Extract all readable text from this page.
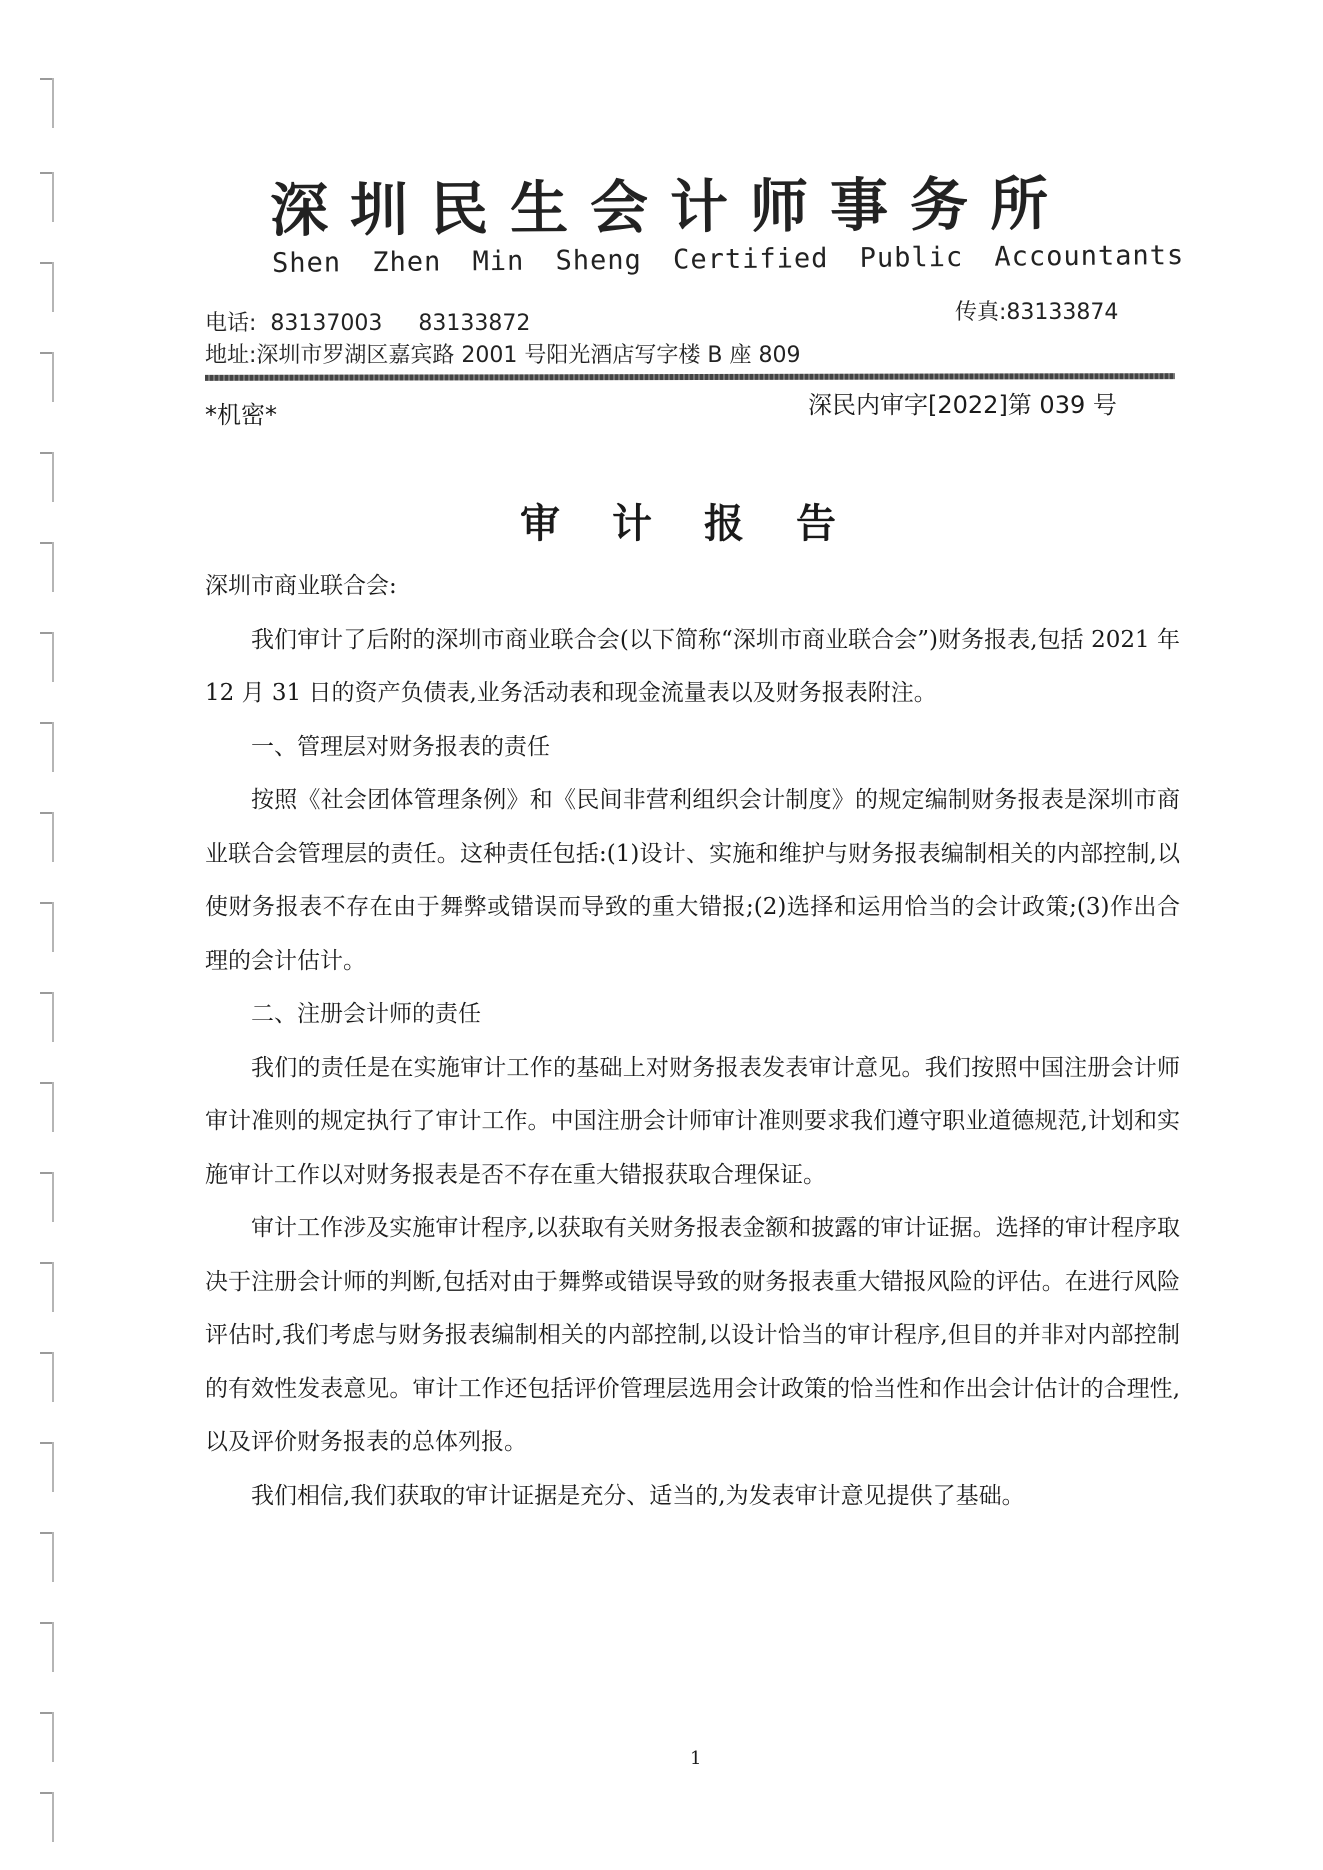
深圳民生会计师事务所
Shen Zhen Min Sheng Certified Public Accountants
电话: 83137003 83133872	传真:83133874
地址:深圳市罗湖区嘉宾路 2001 号阳光酒店写字楼 B 座 809
*机密*	深民内审字[2022]第 039 号
审计报告

深圳市商业联合会:

我们审计了后附的深圳市商业联合会(以下简称“深圳市商业联合会”)财务报表,包括 2021 年 12 月 31 日的资产负债表,业务活动表和现金流量表以及财务报表附注。

一、管理层对财务报表的责任

按照《社会团体管理条例》和《民间非营利组织会计制度》的规定编制财务报表是深圳市商业联合会管理层的责任。这种责任包括:(1)设计、实施和维护与财务报表编制相关的内部控制,以使财务报表不存在由于舞弊或错误而导致的重大错报;(2)选择和运用恰当的会计政策;(3)作出合理的会计估计。

二、注册会计师的责任

我们的责任是在实施审计工作的基础上对财务报表发表审计意见。我们按照中国注册会计师审计准则的规定执行了审计工作。中国注册会计师审计准则要求我们遵守职业道德规范,计划和实施审计工作以对财务报表是否不存在重大错报获取合理保证。

审计工作涉及实施审计程序,以获取有关财务报表金额和披露的审计证据。选择的审计程序取决于注册会计师的判断,包括对由于舞弊或错误导致的财务报表重大错报风险的评估。在进行风险评估时,我们考虑与财务报表编制相关的内部控制,以设计恰当的审计程序,但目的并非对内部控制的有效性发表意见。审计工作还包括评价管理层选用会计政策的恰当性和作出会计估计的合理性,以及评价财务报表的总体列报。

我们相信,我们获取的审计证据是充分、适当的,为发表审计意见提供了基础。

1
